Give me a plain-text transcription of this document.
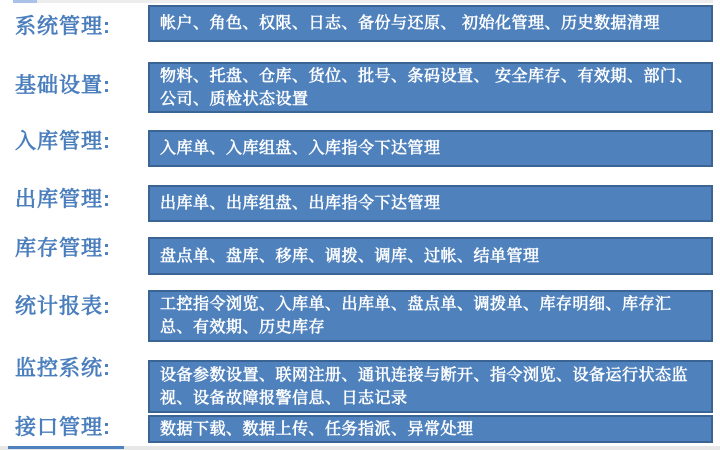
系统管理:	帐户、角色、权限、日志、备份与还原、 初始化管理、历史数据清理
基础设置:	物料、托盘、仓库、货位、批号、条码设置、 安全库存、有效期、部门、公司、质检状态设置
入库管理:	入库单、入库组盘、入库指令下达管理
出库管理:	出库单、出库组盘、出库指令下达管理
库存管理:	盘点单、盘库、移库、调拨、调库、过帐、结单管理
统计报表:	工控指令浏览、入库单、出库单、盘点单、调拨单、库存明细、库存汇总、有效期、历史库存
监控系统:	设备参数设置、联网注册、通讯连接与断开、指令浏览、设备运行状态监视、设备故障报警信息、日志记录
接口管理:	数据下载、数据上传、任务指派、异常处理
